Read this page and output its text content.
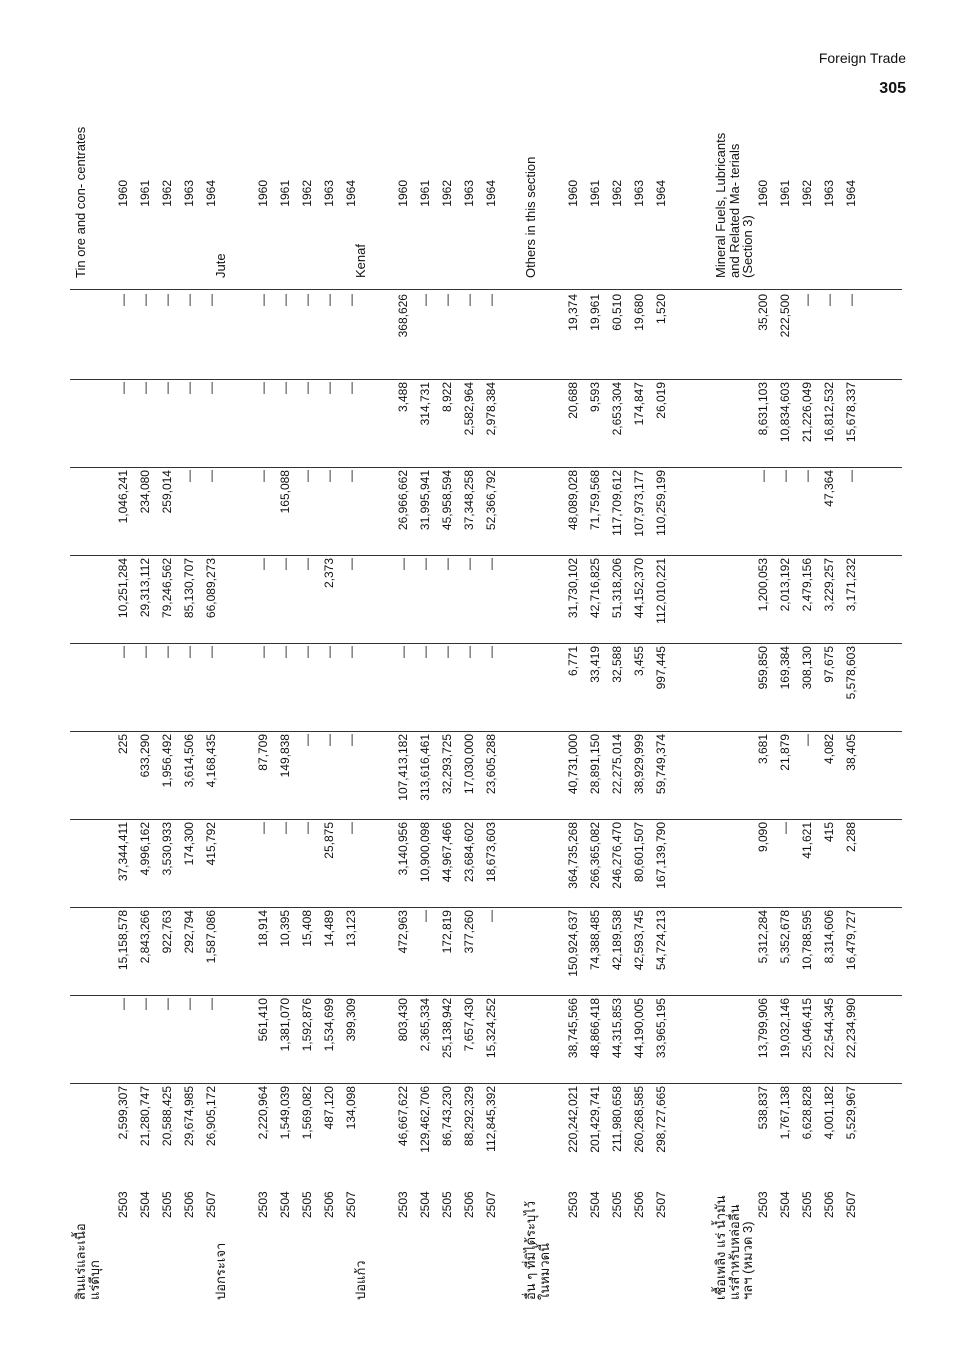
Foreign Trade
305
สินแร่และเนื้อแร่ดีบุก
Tin ore and con- centrates
2503
2,599,307
—
15,158,578
37,344,411
225
—
10,251,284
1,046,241
—
—
1960
2504
21,280,747
—
2,843,266
4,996,162
633,290
—
29,313,112
234,080
—
—
1961
2505
20,588,425
—
922,763
3,530,933
1,956,492
—
79,246,562
259,014
—
—
1962
2506
29,674,985
—
292,794
174,300
3,614,506
—
85,130,707
—
—
—
1963
2507
26,905,172
—
1,587,086
415,792
4,168,435
—
66,089,273
—
—
—
1964
ปอกระเจา
Jute
2503
2,220,964
561,410
18,914
—
87,709
—
—
—
—
—
1960
2504
1,549,039
1,381,070
10,395
—
149,838
—
—
165,088
—
—
1961
2505
1,569,082
1,592,876
15,408
—
—
—
—
—
—
—
1962
2506
487,120
1,534,699
14,489
25,875
—
—
2,373
—
—
—
1963
2507
134,098
399,309
13,123
—
—
—
—
—
—
—
1964
ปอแก้ว
Kenaf
2503
46,667,622
803,430
472,963
3,140,956
107,413,182
—
—
26,966,662
3,488
368,626
1960
2504
129,462,706
2,365,334
—
10,900,098
313,616,461
—
—
31,995,941
314,731
—
1961
2505
86,743,230
25,138,942
172,819
44,967,466
32,293,725
—
—
45,958,594
8,922
—
1962
2506
88,292,329
7,657,430
377,260
23,684,602
17,030,000
—
—
37,348,258
2,582,964
—
1963
2507
112,845,392
15,324,252
—
18,673,603
23,605,288
—
—
52,366,792
2,978,384
—
1964
อื่น ๆ ที่มิได้ระบุไว้ในหมวดนี้
Others in this section
2503
220,242,021
38,745,566
150,924,637
364,735,268
40,731,000
6,771
31,730,102
48,089,028
20,688
19,374
1960
2504
201,429,741
48,866,418
74,388,485
266,365,082
28,891,150
33,419
42,716,825
71,759,568
9,593
19,961
1961
2505
211,980,658
44,315,853
42,189,538
246,276,470
22,275,014
32,588
51,318,206
117,709,612
2,653,304
60,510
1962
2506
260,268,585
44,190,005
42,593,745
80,601,507
38,929,999
3,455
44,152,370
107,973,177
174,847
19,680
1963
2507
298,727,665
33,965,195
54,724,213
167,139,790
59,749,374
997,445
112,010,221
110,259,199
26,019
1,520
1964
เชื้อเพลิง แร่ น้ำมันแร่สำหรับหล่อลื่น ฯลฯ (หมวด 3)
Mineral Fuels, Lubricants and Related Ma- terials (Section 3)
2503
538,837
13,799,906
5,312,284
9,090
3,681
959,850
1,200,053
—
8,631,103
35,200
1960
2504
1,767,138
19,032,146
5,352,678
—
21,879
169,384
2,013,192
—
10,834,603
222,500
1961
2505
6,628,828
25,046,415
10,788,595
41,621
—
308,130
2,479,156
—
21,226,049
—
1962
2506
4,001,182
22,544,345
8,314,606
415
4,082
97,675
3,229,257
47,364
16,812,532
—
1963
2507
5,529,967
22,234,990
16,479,727
2,288
38,405
5,578,603
3,171,232
—
15,678,337
—
1964
